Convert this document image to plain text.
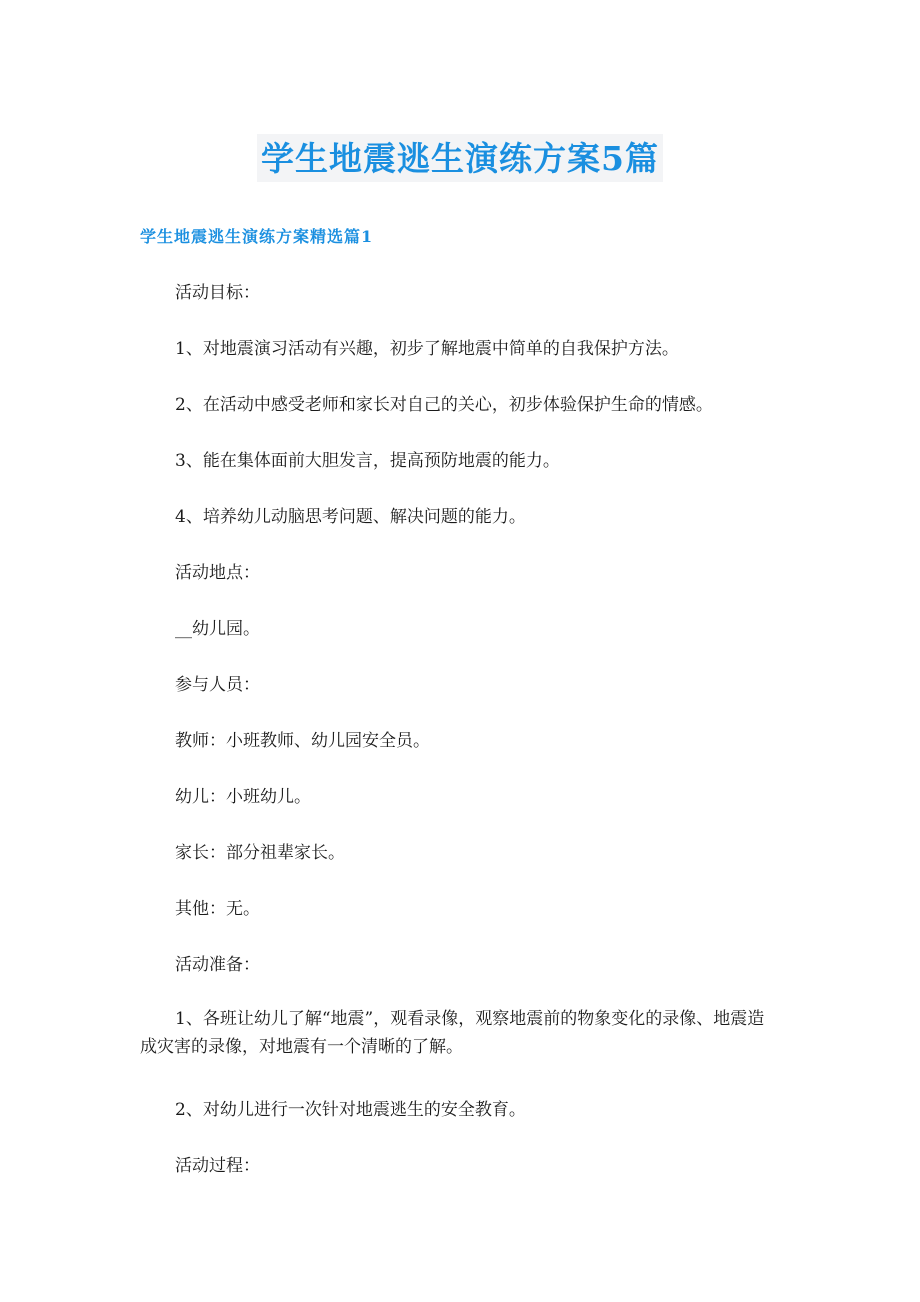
学生地震逃生演练方案5篇
学生地震逃生演练方案精选篇1

活动目标：

1、对地震演习活动有兴趣，初步了解地震中简单的自我保护方法。

2、在活动中感受老师和家长对自己的关心，初步体验保护生命的情感。

3、能在集体面前大胆发言，提高预防地震的能力。

4、培养幼儿动脑思考问题、解决问题的能力。

活动地点：

__幼儿园。

参与人员：

教师：小班教师、幼儿园安全员。

幼儿：小班幼儿。

家长：部分祖辈家长。

其他：无。

活动准备：

1、各班让幼儿了解“地震”，观看录像，观察地震前的物象变化的录像、地震造成灾害的录像，对地震有一个清晰的了解。

2、对幼儿进行一次针对地震逃生的安全教育。

活动过程：
